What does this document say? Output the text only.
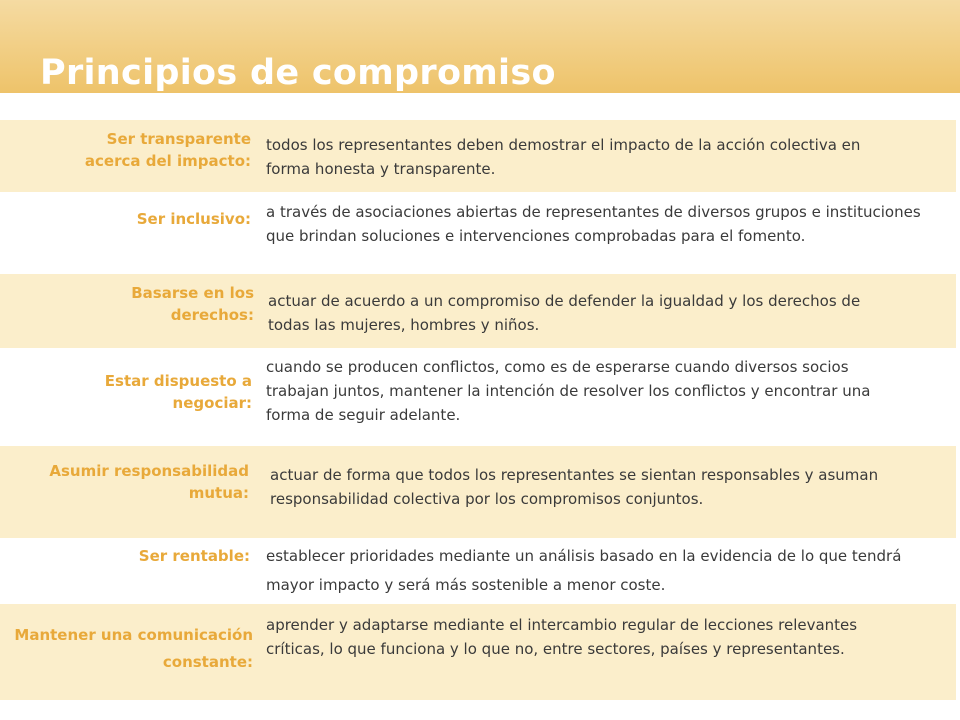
Principios de compromiso
Ser transparente acerca del impacto:
todos los representantes deben demostrar el impacto de la acción colectiva en forma honesta y transparente.
Ser inclusivo: a través de asociaciones abiertas de representantes de diversos grupos e instituciones que brindan soluciones e intervenciones comprobadas para el fomento.
Basarse en los derechos:
actuar de acuerdo a un compromiso de defender la igualdad y los derechos de todas las mujeres, hombres y niños.
Estar dispuesto a negociar:
cuando se producen conflictos, como es de esperarse cuando diversos socios trabajan juntos, mantener la intención de resolver los conflictos y encontrar una forma de seguir adelante.
Asumir responsabilidad mutua:
actuar de forma que todos los representantes se sientan responsables y asuman responsabilidad colectiva por los compromisos conjuntos.
Ser rentable: establecer prioridades mediante un análisis basado en la evidencia de lo que tendrá mayor impacto y será más sostenible a menor coste.
Mantener una comunicación constante:
aprender y adaptarse mediante el intercambio regular de lecciones relevantes críticas, lo que funciona y lo que no, entre sectores, países y representantes.
